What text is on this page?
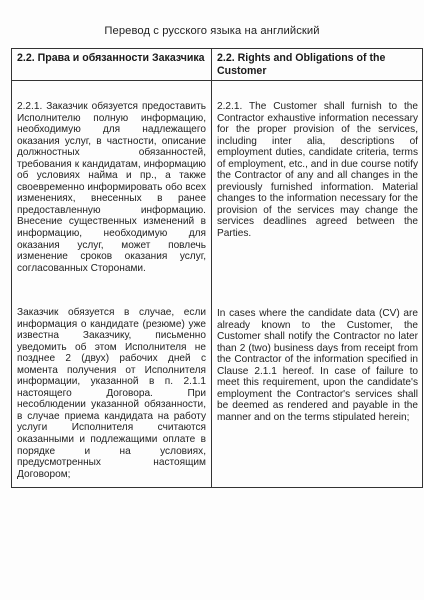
Перевод с русского языка на английский
2.2. Права и обязанности Заказчика 2.2. Rights and Obligations of the Customer
2.2.1. Заказчик обязуется предоставить Исполнителю полную информацию, необходимую для надлежащего оказания услуг, в частности, описание должностных обязанностей, требования к кандидатам, информацию об условиях найма и пр., а также своевременно информировать обо всех изменениях, внесенных в ранее предоставленную информацию. Внесение существенных изменений в информацию, необходимую для оказания услуг, может повлечь изменение сроков оказания услуг, согласованных Сторонами.
Заказчик обязуется в случае, если информация о кандидате (резюме) уже известна Заказчику, письменно уведомить об этом Исполнителя не позднее 2 (двух) рабочих дней с момента получения от Исполнителя информации, указанной в п. 2.1.1 настоящего Договора. При несоблюдении указанной обязанности, в случае приема кандидата на работу услуги Исполнителя считаются оказанными и подлежащими оплате в порядке и на условиях, предусмотренных настоящим Договором;
2.2.1. The Customer shall furnish to the Contractor exhaustive information necessary for the proper provision of the services, including inter alia, descriptions of employment duties, candidate criteria, terms of employment, etc., and in due course notify the Contractor of any and all changes in the previously furnished information. Material changes to the information necessary for the provision of the services may change the services deadlines agreed between the Parties.
In cases where the candidate data (CV) are already known to the Customer, the Customer shall notify the Contractor no later than 2 (two) business days from receipt from the Contractor of the information specified in Clause 2.1.1 hereof. In case of failure to meet this requirement, upon the candidate's employment the Contractor's services shall be deemed as rendered and payable in the manner and on the terms stipulated herein;
